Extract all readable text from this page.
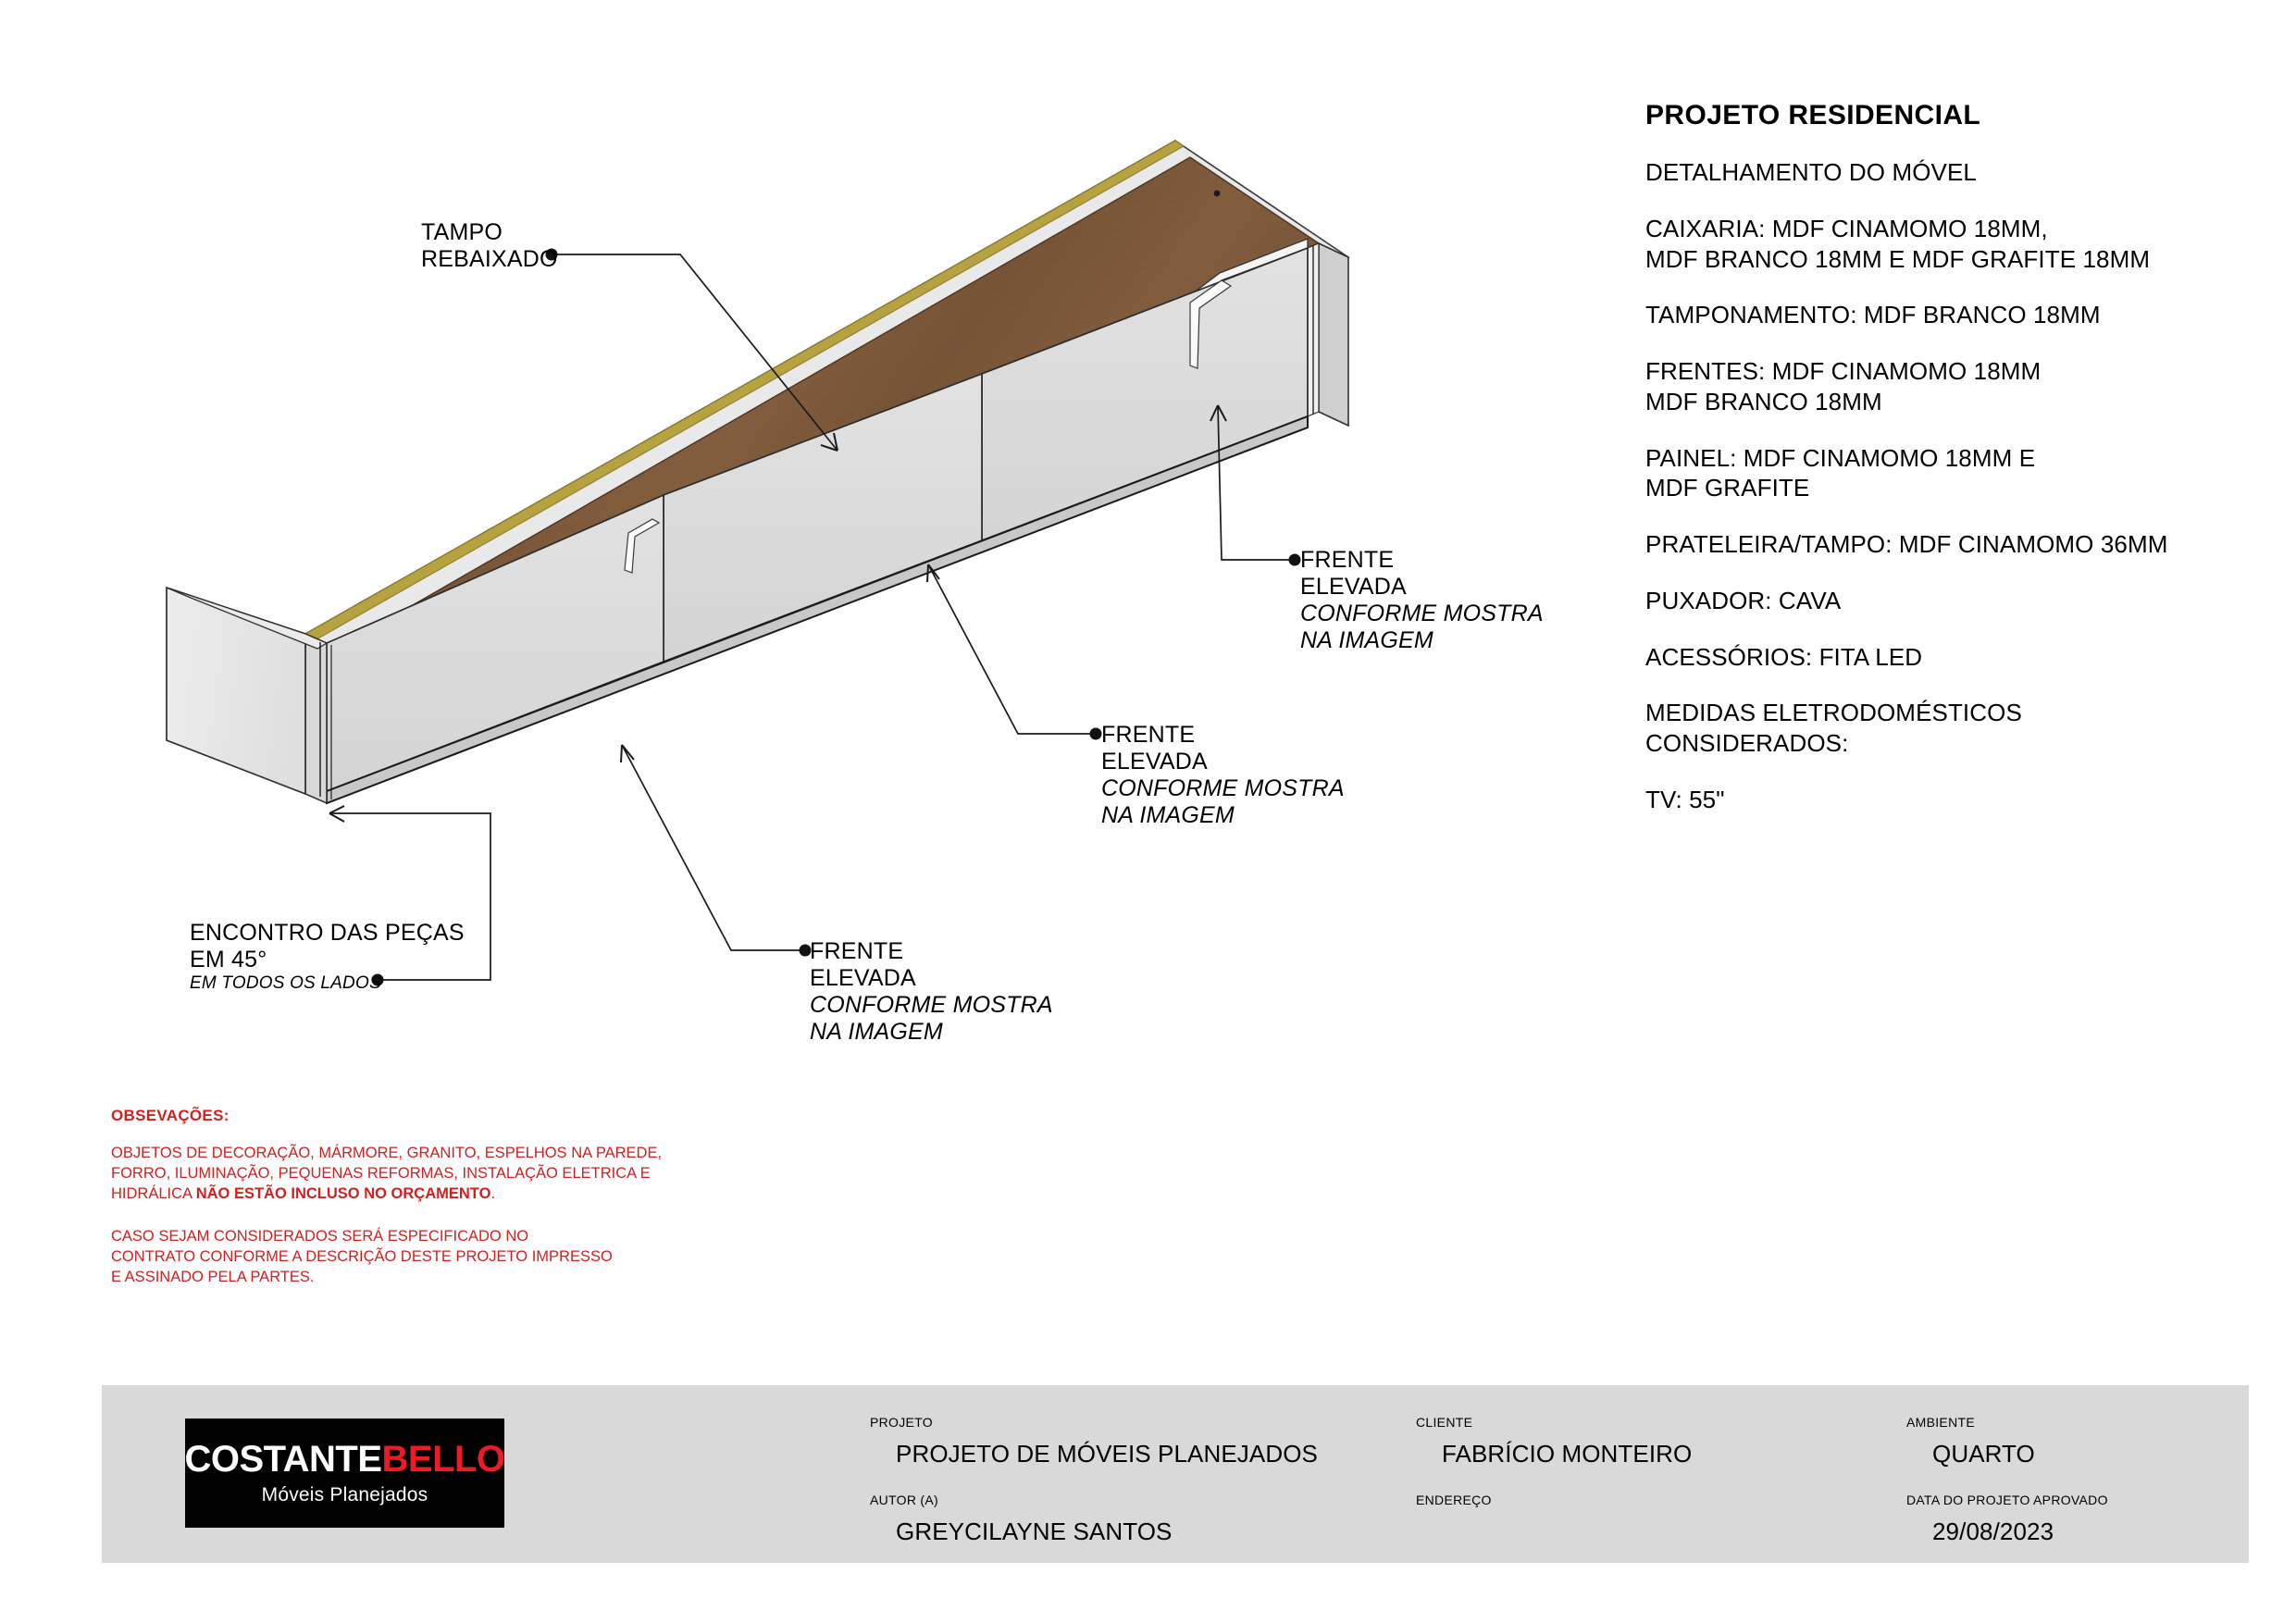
TAMPO
REBAIXADO
FRENTE
ELEVADA
CONFORME MOSTRA
NA IMAGEM
FRENTE
ELEVADA
CONFORME MOSTRA
NA IMAGEM
FRENTE
ELEVADA
CONFORME MOSTRA
NA IMAGEM
ENCONTRO DAS PEÇAS
EM 45°
EM TODOS OS LADOS
PROJETO RESIDENCIAL
DETALHAMENTO DO MÓVEL
CAIXARIA: MDF CINAMOMO 18MM,
MDF BRANCO 18MM E MDF GRAFITE 18MM
TAMPONAMENTO: MDF BRANCO 18MM
FRENTES: MDF CINAMOMO 18MM
MDF BRANCO 18MM
PAINEL: MDF CINAMOMO 18MM E
MDF GRAFITE
PRATELEIRA/TAMPO: MDF CINAMOMO 36MM
PUXADOR: CAVA
ACESSÓRIOS: FITA LED
MEDIDAS ELETRODOMÉSTICOS
CONSIDERADOS:
TV: 55"

OBSEVAÇÕES:

OBJETOS DE DECORAÇÃO, MÁRMORE, GRANITO, ESPELHOS NA PAREDE, FORRO, ILUMINAÇÃO, PEQUENAS REFORMAS, INSTALAÇÃO ELETRICA E HIDRÁLICA NÃO ESTÃO INCLUSO NO ORÇAMENTO.

CASO SEJAM CONSIDERADOS SERÁ ESPECIFICADO NO
CONTRATO CONFORME A DESCRIÇÃO DESTE PROJETO IMPRESSO
E ASSINADO PELA PARTES.

COSTANTEBELLO
Móveis Planejados

PROJETO

PROJETO DE MÓVEIS PLANEJADOS

AUTOR (A)

GREYCILAYNE SANTOS

CLIENTE

FABRÍCIO MONTEIRO

ENDEREÇO

AMBIENTE

QUARTO

DATA DO PROJETO APROVADO

29/08/2023
